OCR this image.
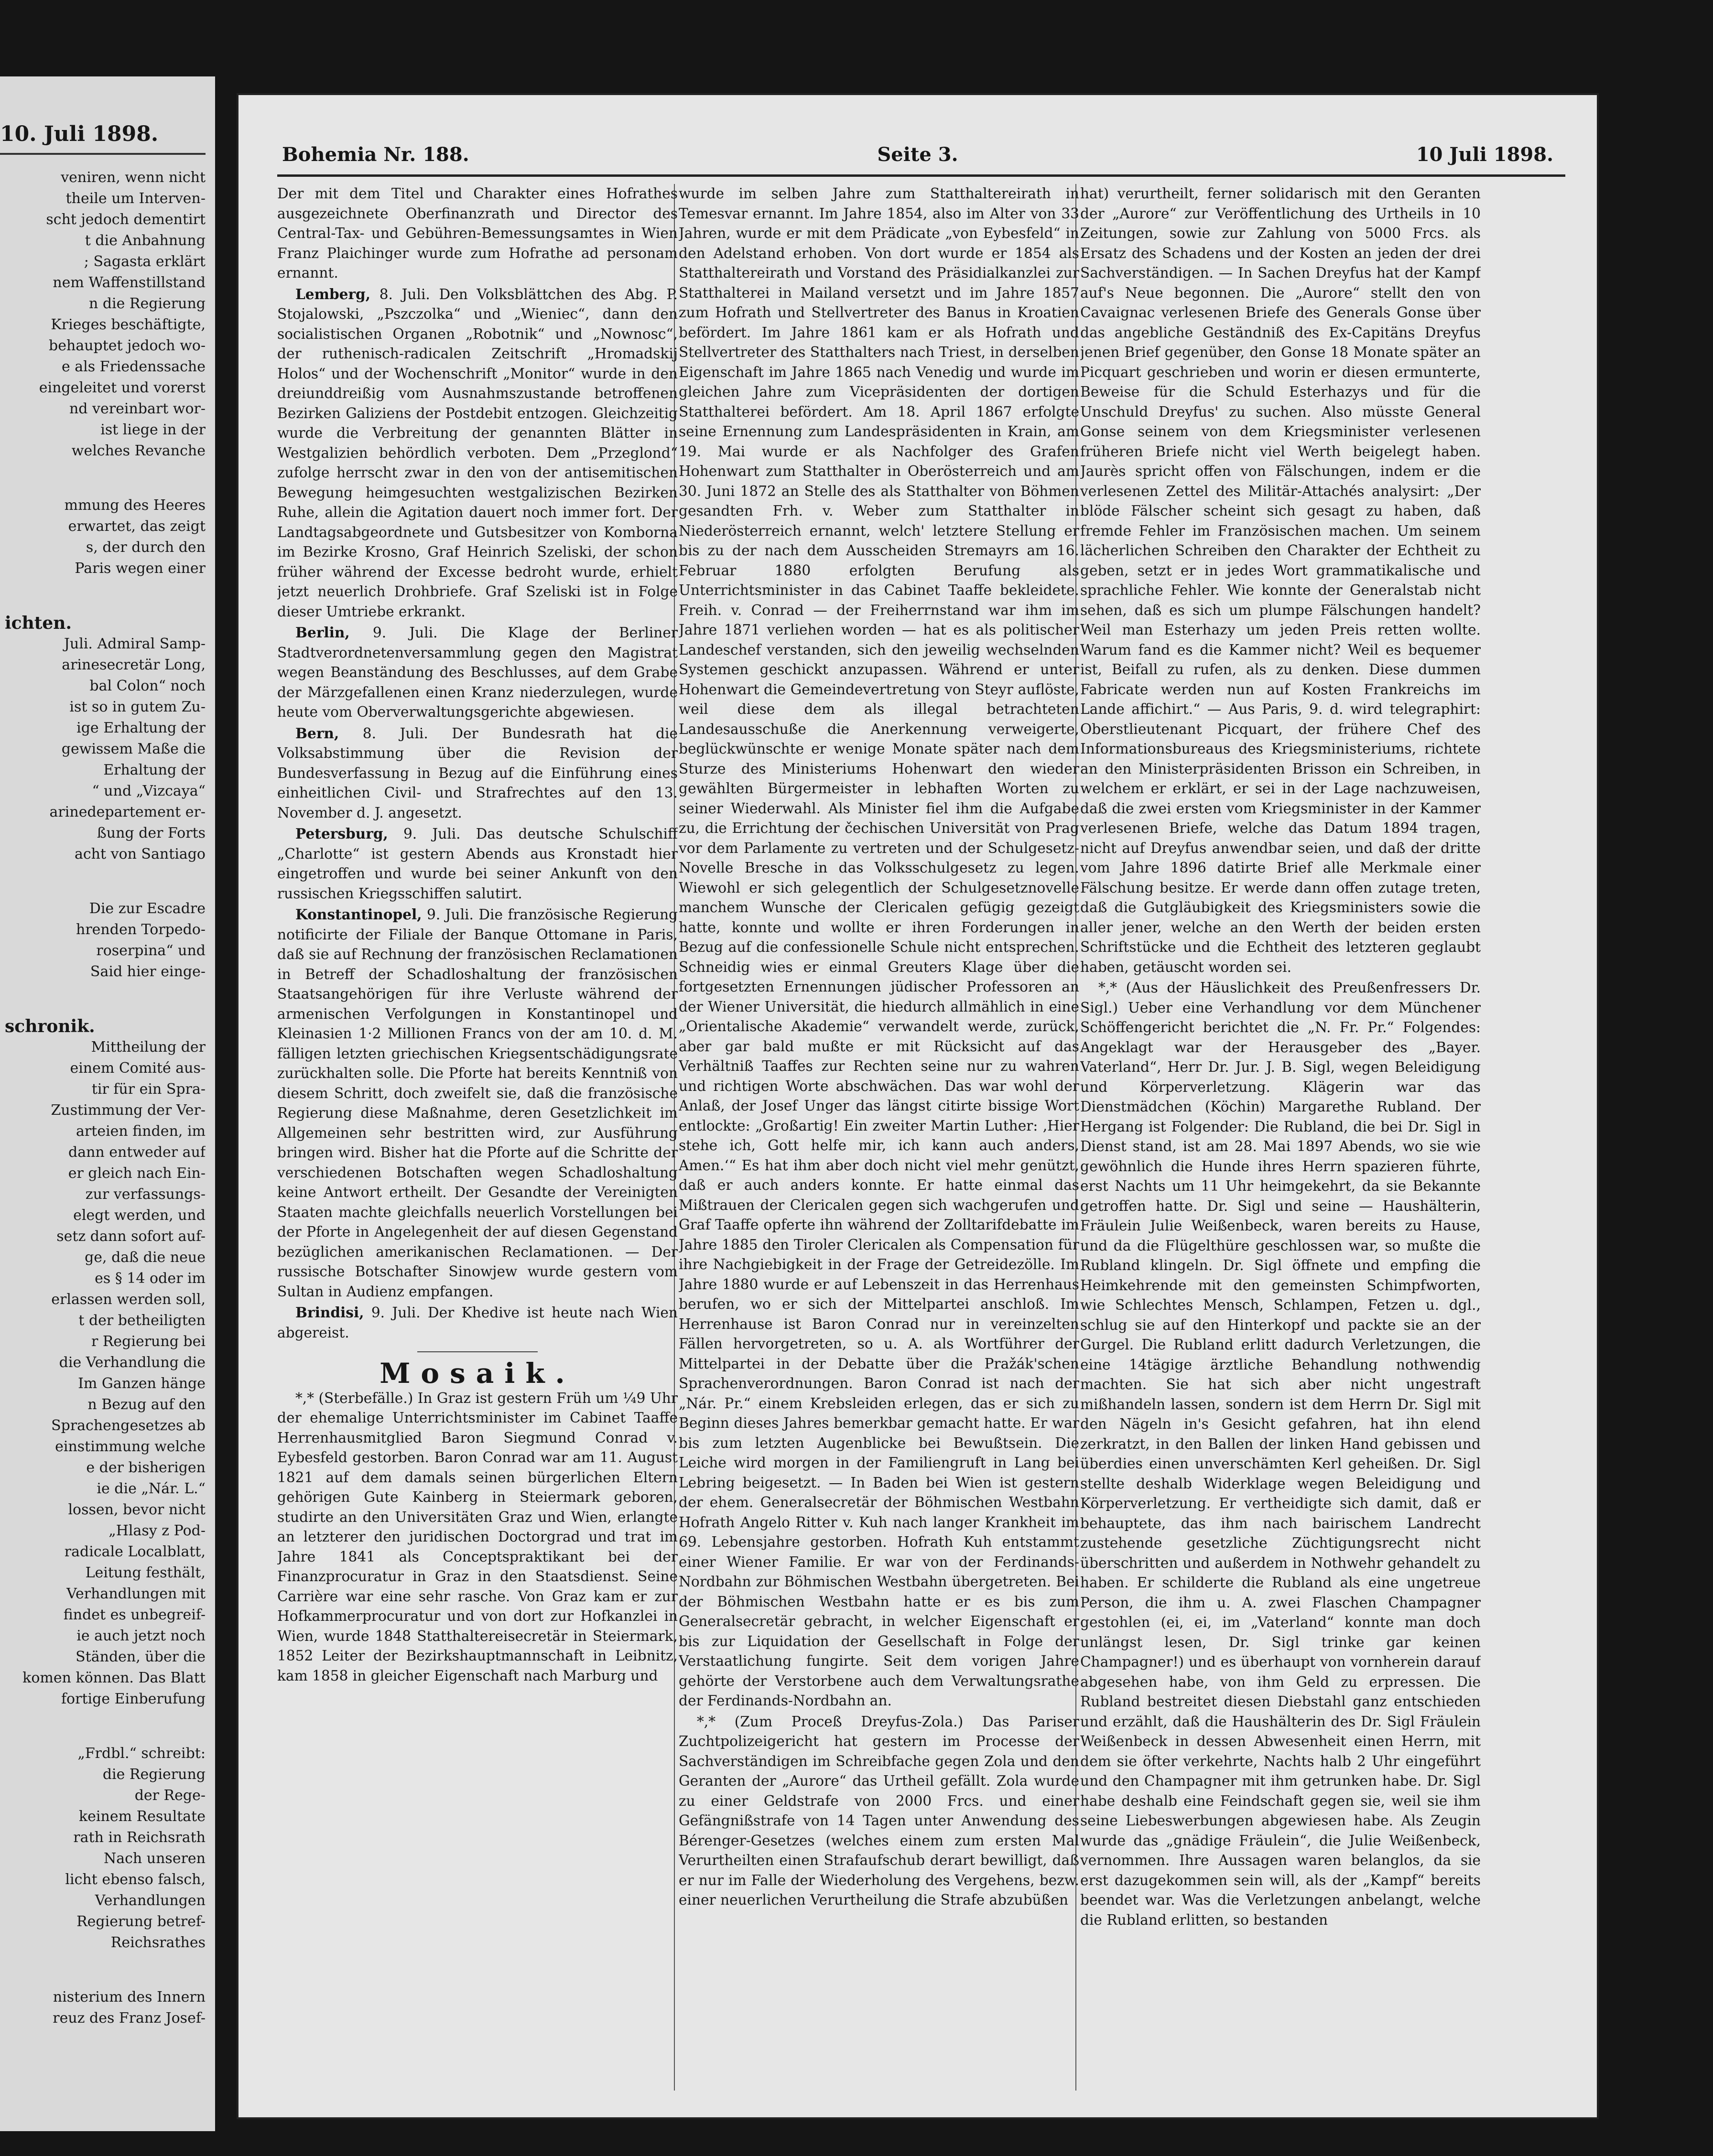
10. Juli 1898.
veniren, wenn nicht
theile um Interven-
scht jedoch dementirt
t die Anbahnung
; Sagasta erklärt
nem Waffenstillstand
n die Regierung
Krieges beschäftigte,
behauptet jedoch wo-
e als Friedenssache
eingeleitet und vorerst
nd vereinbart wor-
ist liege in der
welches Revanche
mmung des Heeres
erwartet, das zeigt
s, der durch den
Paris wegen einer
ichten.
Juli. Admiral Samp-
arinesecretär Long,
bal Colon“ noch
ist so in gutem Zu-
ige Erhaltung der
gewissem Maße die
Erhaltung der
“ und „Vizcaya“
arinedepartement er-
ßung der Forts
acht von Santiago
Die zur Escadre
hrenden Torpedo-
roserpina“ und
Said hier einge-
schronik.
Mittheilung der
einem Comité aus-
tir für ein Spra-
Zustimmung der Ver-
arteien finden, im
dann entweder auf
er gleich nach Ein-
zur verfassungs-
elegt werden, und
setz dann sofort auf-
ge, daß die neue
es § 14 oder im
erlassen werden soll,
t der betheiligten
r Regierung bei
die Verhandlung die
Im Ganzen hänge
n Bezug auf den
Sprachengesetzes ab
einstimmung welche
e der bisherigen
ie die „Nár. L.“
lossen, bevor nicht
„Hlasy z Pod-
radicale Localblatt,
Leitung festhält,
Verhandlungen mit
findet es unbegreif-
ie auch jetzt noch
Ständen, über die
komen können. Das Blatt
fortige Einberufung
„Frdbl.“ schreibt:
die Regierung
der Rege-
keinem Resultate
rath in Reichsrath
Nach unseren
licht ebenso falsch,
Verhandlungen
Regierung betref-
Reichsrathes
nisterium des Innern
reuz des Franz Josef-
Bohemia Nr. 188.	Seite 3.	10 Juli 1898.

Der mit dem Titel und Charakter eines Hofrathes ausgezeichnete Oberfinanzrath und Director des Central-Tax- und Gebühren-Bemessungsamtes in Wien Franz Plaichinger wurde zum Hofrathe ad personam ernannt.

Lemberg, 8. Juli. Den Volksblättchen des Abg. P. Stojalowski, „Pszczolka“ und „Wieniec“, dann den socialistischen Organen „Robotnik“ und „Nownosc“, der ruthenisch-radicalen Zeitschrift „Hromadskij Holos“ und der Wochenschrift „Monitor“ wurde in den dreiunddreißig vom Ausnahmszustande betroffenen Bezirken Galiziens der Postdebit entzogen. Gleichzeitig wurde die Verbreitung der genannten Blätter in Westgalizien behördlich verboten. Dem „Przeglond“ zufolge herrscht zwar in den von der antisemitischen Bewegung heimgesuchten westgalizischen Bezirken Ruhe, allein die Agitation dauert noch immer fort. Der Landtagsabgeordnete und Gutsbesitzer von Komborna im Bezirke Krosno, Graf Heinrich Szeliski, der schon früher während der Excesse bedroht wurde, erhielt jetzt neuerlich Drohbriefe. Graf Szeliski ist in Folge dieser Umtriebe erkrankt.

Berlin, 9. Juli. Die Klage der Berliner Stadtverordnetenversammlung gegen den Magistrat wegen Beanständung des Beschlusses, auf dem Grabe der Märzgefallenen einen Kranz niederzulegen, wurde heute vom Oberverwaltungsgerichte abgewiesen.

Bern, 8. Juli. Der Bundesrath hat die Volksabstimmung über die Revision der Bundesverfassung in Bezug auf die Einführung eines einheitlichen Civil- und Strafrechtes auf den 13. November d. J. angesetzt.

Petersburg, 9. Juli. Das deutsche Schulschiff „Charlotte“ ist gestern Abends aus Kronstadt hier eingetroffen und wurde bei seiner Ankunft von den russischen Kriegsschiffen salutirt.

Konstantinopel, 9. Juli. Die französische Regierung notificirte der Filiale der Banque Ottomane in Paris, daß sie auf Rechnung der französischen Reclamationen in Betreff der Schadloshaltung der französischen Staatsangehörigen für ihre Verluste während der armenischen Verfolgungen in Konstantinopel und Kleinasien 1·2 Millionen Francs von der am 10. d. M. fälligen letzten griechischen Kriegsentschädigungsrate zurückhalten solle. Die Pforte hat bereits Kenntniß von diesem Schritt, doch zweifelt sie, daß die französische Regierung diese Maßnahme, deren Gesetzlichkeit im Allgemeinen sehr bestritten wird, zur Ausführung bringen wird. Bisher hat die Pforte auf die Schritte der verschiedenen Botschaften wegen Schadloshaltung keine Antwort ertheilt. Der Gesandte der Vereinigten Staaten machte gleichfalls neuerlich Vorstellungen bei der Pforte in Angelegenheit der auf diesen Gegenstand bezüglichen amerikanischen Reclamationen. — Der russische Botschafter Sinowjew wurde gestern vom Sultan in Audienz empfangen.

Brindisi, 9. Juli. Der Khedive ist heute nach Wien abgereist.

Mosaik.

*,* (Sterbefälle.) In Graz ist gestern Früh um ¼9 Uhr der ehemalige Unterrichtsminister im Cabinet Taaffe Herrenhausmitglied Baron Siegmund Conrad v. Eybesfeld gestorben. Baron Conrad war am 11. August 1821 auf dem damals seinen bürgerlichen Eltern gehörigen Gute Kainberg in Steiermark geboren, studirte an den Universitäten Graz und Wien, erlangte an letzterer den juridischen Doctorgrad und trat im Jahre 1841 als Conceptspraktikant bei der Finanzprocuratur in Graz in den Staatsdienst. Seine Carrière war eine sehr rasche. Von Graz kam er zur Hofkammerprocuratur und von dort zur Hofkanzlei in Wien, wurde 1848 Statthaltereisecretär in Steiermark, 1852 Leiter der Bezirkshauptmannschaft in Leibnitz, kam 1858 in gleicher Eigenschaft nach Marburg und

wurde im selben Jahre zum Statthaltereirath in Temesvar ernannt. Im Jahre 1854, also im Alter von 33 Jahren, wurde er mit dem Prädicate „von Eybesfeld“ in den Adelstand erhoben. Von dort wurde er 1854 als Statthaltereirath und Vorstand des Präsidialkanzlei zur Statthalterei in Mailand versetzt und im Jahre 1857 zum Hofrath und Stellvertreter des Banus in Kroatien befördert. Im Jahre 1861 kam er als Hofrath und Stellvertreter des Statthalters nach Triest, in derselben Eigenschaft im Jahre 1865 nach Venedig und wurde im gleichen Jahre zum Vicepräsidenten der dortigen Statthalterei befördert. Am 18. April 1867 erfolgte seine Ernennung zum Landespräsidenten in Krain, am 19. Mai wurde er als Nachfolger des Grafen Hohenwart zum Statthalter in Oberösterreich und am 30. Juni 1872 an Stelle des als Statthalter von Böhmen gesandten Frh. v. Weber zum Statthalter in Niederösterreich ernannt, welch' letztere Stellung er bis zu der nach dem Ausscheiden Stremayrs am 16. Februar 1880 erfolgten Berufung als Unterrichtsminister in das Cabinet Taaffe bekleidete. Freih. v. Conrad — der Freiherrnstand war ihm im Jahre 1871 verliehen worden — hat es als politischer Landeschef verstanden, sich den jeweilig wechselnden Systemen geschickt anzupassen. Während er unter Hohenwart die Gemeindevertretung von Steyr auflöste, weil diese dem als illegal betrachteten Landesausschuße die Anerkennung verweigerte, beglückwünschte er wenige Monate später nach dem Sturze des Ministeriums Hohenwart den wieder gewählten Bürgermeister in lebhaften Worten zu seiner Wiederwahl. Als Minister fiel ihm die Aufgabe zu, die Errichtung der čechischen Universität von Prag vor dem Parlamente zu vertreten und der Schulgesetz-Novelle Bresche in das Volksschulgesetz zu legen. Wiewohl er sich gelegentlich der Schulgesetznovelle manchem Wunsche der Clericalen gefügig gezeigt hatte, konnte und wollte er ihren Forderungen in Bezug auf die confessionelle Schule nicht entsprechen. Schneidig wies er einmal Greuters Klage über die fortgesetzten Ernennungen jüdischer Professoren an der Wiener Universität, die hiedurch allmählich in eine „Orientalische Akademie“ verwandelt werde, zurück, aber gar bald mußte er mit Rücksicht auf das Verhältniß Taaffes zur Rechten seine nur zu wahren und richtigen Worte abschwächen. Das war wohl der Anlaß, der Josef Unger das längst citirte bissige Wort entlockte: „Großartig! Ein zweiter Martin Luther: ‚Hier stehe ich, Gott helfe mir, ich kann auch anders, Amen.‘“ Es hat ihm aber doch nicht viel mehr genützt, daß er auch anders konnte. Er hatte einmal das Mißtrauen der Clericalen gegen sich wachgerufen und Graf Taaffe opferte ihn während der Zolltarifdebatte im Jahre 1885 den Tiroler Clericalen als Compensation für ihre Nachgiebigkeit in der Frage der Getreidezölle. Im Jahre 1880 wurde er auf Lebenszeit in das Herrenhaus berufen, wo er sich der Mittelpartei anschloß. Im Herrenhause ist Baron Conrad nur in vereinzelten Fällen hervorgetreten, so u. A. als Wortführer der Mittelpartei in der Debatte über die Pražák'schen Sprachenverordnungen. Baron Conrad ist nach der „Nár. Pr.“ einem Krebsleiden erlegen, das er sich zu Beginn dieses Jahres bemerkbar gemacht hatte. Er war bis zum letzten Augenblicke bei Bewußtsein. Die Leiche wird morgen in der Familiengruft in Lang bei Lebring beigesetzt. — In Baden bei Wien ist gestern der ehem. Generalsecretär der Böhmischen Westbahn Hofrath Angelo Ritter v. Kuh nach langer Krankheit im 69. Lebensjahre gestorben. Hofrath Kuh entstammt einer Wiener Familie. Er war von der Ferdinands-Nordbahn zur Böhmischen Westbahn übergetreten. Bei der Böhmischen Westbahn hatte er es bis zum Generalsecretär gebracht, in welcher Eigenschaft er bis zur Liquidation der Gesellschaft in Folge der Verstaatlichung fungirte. Seit dem vorigen Jahre gehörte der Verstorbene auch dem Verwaltungsrathe der Ferdinands-Nordbahn an.

*,* (Zum Proceß Dreyfus-Zola.) Das Pariser Zuchtpolizeigericht hat gestern im Processe der Sachverständigen im Schreibfache gegen Zola und den Geranten der „Aurore“ das Urtheil gefällt. Zola wurde zu einer Geldstrafe von 2000 Frcs. und einer Gefängnißstrafe von 14 Tagen unter Anwendung des Bérenger-Gesetzes (welches einem zum ersten Mal Verurtheilten einen Strafaufschub derart bewilligt, daß er nur im Falle der Wiederholung des Vergehens, bezw. einer neuerlichen Verurtheilung die Strafe abzubüßen

hat) verurtheilt, ferner solidarisch mit den Geranten der „Aurore“ zur Veröffentlichung des Urtheils in 10 Zeitungen, sowie zur Zahlung von 5000 Frcs. als Ersatz des Schadens und der Kosten an jeden der drei Sachverständigen. — In Sachen Dreyfus hat der Kampf auf's Neue begonnen. Die „Aurore“ stellt den von Cavaignac verlesenen Briefe des Generals Gonse über das angebliche Geständniß des Ex-Capitäns Dreyfus jenen Brief gegenüber, den Gonse 18 Monate später an Picquart geschrieben und worin er diesen ermunterte, Beweise für die Schuld Esterhazys und für die Unschuld Dreyfus' zu suchen. Also müsste General Gonse seinem von dem Kriegsminister verlesenen früheren Briefe nicht viel Werth beigelegt haben. Jaurès spricht offen von Fälschungen, indem er die verlesenen Zettel des Militär-Attachés analysirt: „Der blöde Fälscher scheint sich gesagt zu haben, daß fremde Fehler im Französischen machen. Um seinem lächerlichen Schreiben den Charakter der Echtheit zu geben, setzt er in jedes Wort grammatikalische und sprachliche Fehler. Wie konnte der Generalstab nicht sehen, daß es sich um plumpe Fälschungen handelt? Weil man Esterhazy um jeden Preis retten wollte. Warum fand es die Kammer nicht? Weil es bequemer ist, Beifall zu rufen, als zu denken. Diese dummen Fabricate werden nun auf Kosten Frankreichs im Lande affichirt.“ — Aus Paris, 9. d. wird telegraphirt: Oberstlieutenant Picquart, der frühere Chef des Informationsbureaus des Kriegsministeriums, richtete an den Ministerpräsidenten Brisson ein Schreiben, in welchem er erklärt, er sei in der Lage nachzuweisen, daß die zwei ersten vom Kriegsminister in der Kammer verlesenen Briefe, welche das Datum 1894 tragen, nicht auf Dreyfus anwendbar seien, und daß der dritte vom Jahre 1896 datirte Brief alle Merkmale einer Fälschung besitze. Er werde dann offen zutage treten, daß die Gutgläubigkeit des Kriegsministers sowie die aller jener, welche an den Werth der beiden ersten Schriftstücke und die Echtheit des letzteren geglaubt haben, getäuscht worden sei.

*,* (Aus der Häuslichkeit des Preußenfressers Dr. Sigl.) Ueber eine Verhandlung vor dem Münchener Schöffengericht berichtet die „N. Fr. Pr.“ Folgendes: Angeklagt war der Herausgeber des „Bayer. Vaterland“, Herr Dr. Jur. J. B. Sigl, wegen Beleidigung und Körperverletzung. Klägerin war das Dienstmädchen (Köchin) Margarethe Rubland. Der Hergang ist Folgender: Die Rubland, die bei Dr. Sigl in Dienst stand, ist am 28. Mai 1897 Abends, wo sie wie gewöhnlich die Hunde ihres Herrn spazieren führte, erst Nachts um 11 Uhr heimgekehrt, da sie Bekannte getroffen hatte. Dr. Sigl und seine — Haushälterin, Fräulein Julie Weißenbeck, waren bereits zu Hause, und da die Flügelthüre geschlossen war, so mußte die Rubland klingeln. Dr. Sigl öffnete und empfing die Heimkehrende mit den gemeinsten Schimpfworten, wie Schlechtes Mensch, Schlampen, Fetzen u. dgl., schlug sie auf den Hinterkopf und packte sie an der Gurgel. Die Rubland erlitt dadurch Verletzungen, die eine 14tägige ärztliche Behandlung nothwendig machten. Sie hat sich aber nicht ungestraft mißhandeln lassen, sondern ist dem Herrn Dr. Sigl mit den Nägeln in's Gesicht gefahren, hat ihn elend zerkratzt, in den Ballen der linken Hand gebissen und überdies einen unverschämten Kerl geheißen. Dr. Sigl stellte deshalb Widerklage wegen Beleidigung und Körperverletzung. Er vertheidigte sich damit, daß er behauptete, das ihm nach bairischem Landrecht zustehende gesetzliche Züchtigungsrecht nicht überschritten und außerdem in Nothwehr gehandelt zu haben. Er schilderte die Rubland als eine ungetreue Person, die ihm u. A. zwei Flaschen Champagner gestohlen (ei, ei, im „Vaterland“ konnte man doch unlängst lesen, Dr. Sigl trinke gar keinen Champagner!) und es überhaupt von vornherein darauf abgesehen habe, von ihm Geld zu erpressen. Die Rubland bestreitet diesen Diebstahl ganz entschieden und erzählt, daß die Haushälterin des Dr. Sigl Fräulein Weißenbeck in dessen Abwesenheit einen Herrn, mit dem sie öfter verkehrte, Nachts halb 2 Uhr eingeführt und den Champagner mit ihm getrunken habe. Dr. Sigl habe deshalb eine Feindschaft gegen sie, weil sie ihm seine Liebeswerbungen abgewiesen habe. Als Zeugin wurde das „gnädige Fräulein“, die Julie Weißenbeck, vernommen. Ihre Aussagen waren belanglos, da sie erst dazugekommen sein will, als der „Kampf“ bereits beendet war. Was die Verletzungen anbelangt, welche die Rubland erlitten, so bestanden
